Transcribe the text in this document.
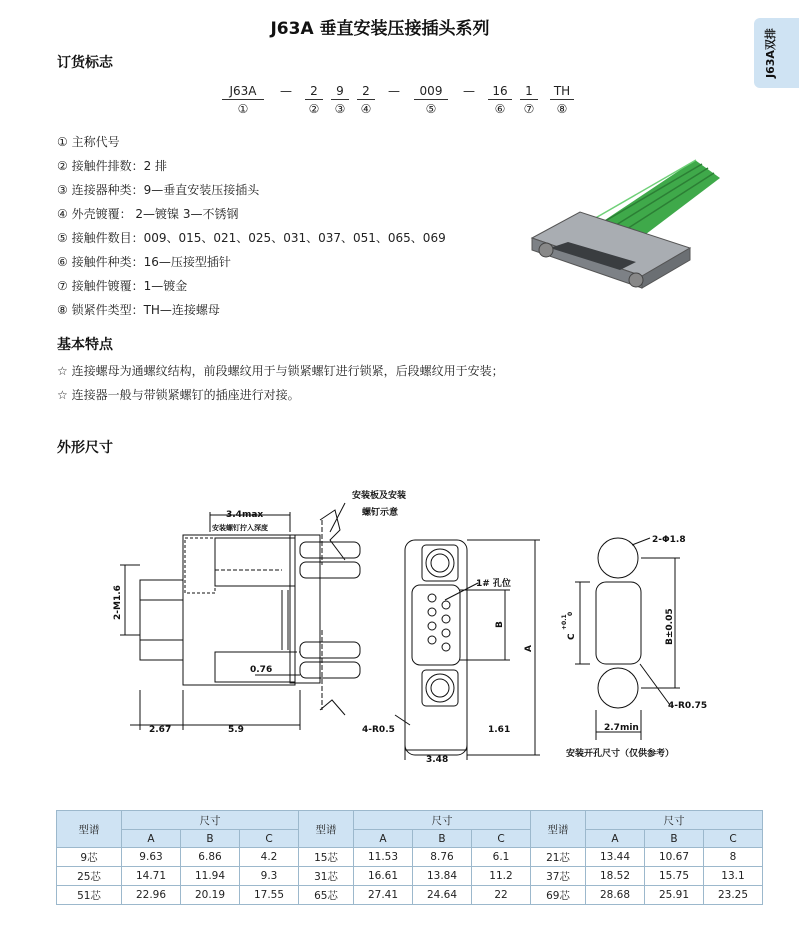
J63A 垂直安装压接插头系列	J63A双排
订货标志
J63A
①
—	2
②
9
③
2
④
—	009
⑤
—	16
⑥
1
⑦
TH
⑧
① 主称代号
② 接触件排数：2 排
③ 连接器种类：9—垂直安装压接插头
④ 外壳镀覆： 2—镀镍 3—不锈钢
⑤ 接触件数目：009、015、021、025、031、037、051、065、069
⑥ 接触件种类：16—压接型插针
⑦ 接触件镀覆：1—镀金
⑧ 锁紧件类型：TH—连接螺母
基本特点
☆ 连接螺母为通螺纹结构，前段螺纹用于与锁紧螺钉进行锁紧，后段螺纹用于安装；
☆ 连接器一般与带锁紧螺钉的插座进行对接。
外形尺寸
3.4max
安装螺钉拧入深度
安装板及安装
螺钉示意
2-M1.6
0.76
2.67	5.9
1# 孔位
B
A
4-R0.5	1.61
3.48
2-Φ1.8
C
+0.1
0	B±0.05
4-R0.75
2.7min
安装开孔尺寸（仅供参考）
型谱	尺寸			型谱	尺寸			型谱	尺寸		
	A	B	C		A	B	C		A	B	C
9芯	9.63	6.86	4.2	15芯	11.53	8.76	6.1	21芯	13.44	10.67	8
25芯	14.71	11.94	9.3	31芯	16.61	13.84	11.2	37芯	18.52	15.75	13.1
51芯	22.96	20.19	17.55	65芯	27.41	24.64	22	69芯	28.68	25.91	23.25
